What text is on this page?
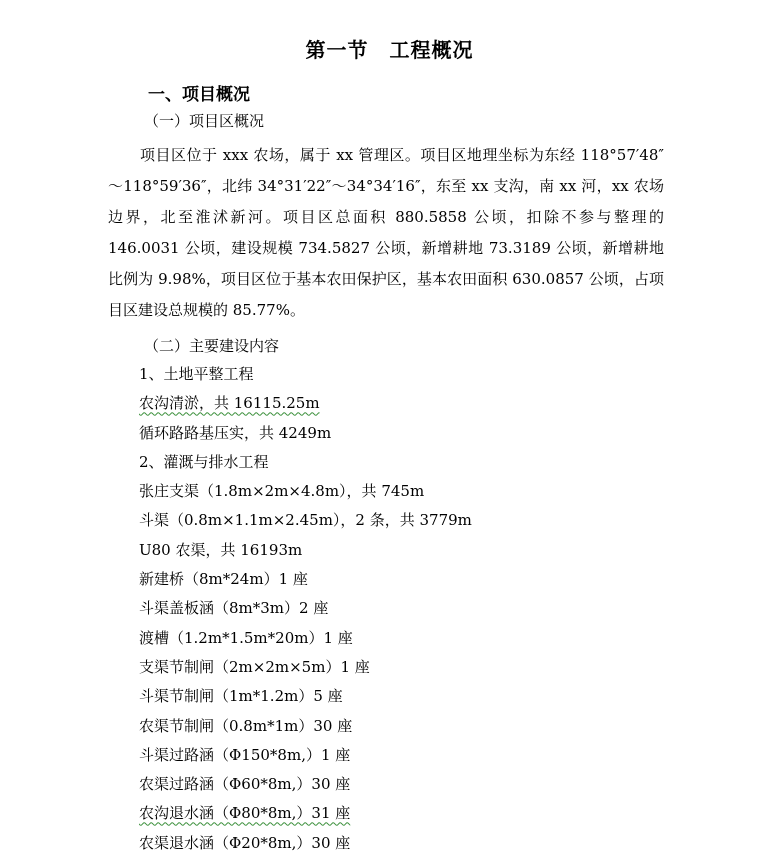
第一节　工程概况
一、项目概况
（一）项目区概况
项目区位于 xxx 农场，属于 xx 管理区。项目区地理坐标为东经 118°57′48″～118°59′36″，北纬 34°31′22″～34°34′16″，东至 xx 支沟，南 xx 河，xx 农场边界，北至淮沭新河。项目区总面积 880.5858 公顷，扣除不参与整理的 146.0031 公顷，建设规模 734.5827 公顷，新增耕地 73.3189 公顷，新增耕地比例为 9.98%，项目区位于基本农田保护区，基本农田面积 630.0857 公顷，占项目区建设总规模的 85.77%。
（二）主要建设内容
1、土地平整工程
农沟清淤，共 16115.25m
循环路路基压实，共 4249m
2、灌溉与排水工程
张庄支渠（1.8m×2m×4.8m），共 745m
斗渠（0.8m×1.1m×2.45m），2 条，共 3779m
U80 农渠，共 16193m
新建桥（8m*24m）1 座
斗渠盖板涵（8m*3m）2 座
渡槽（1.2m*1.5m*20m）1 座
支渠节制闸（2m×2m×5m）1 座
斗渠节制闸（1m*1.2m）5 座
农渠节制闸（0.8m*1m）30 座
斗渠过路涵（Φ150*8m,）1 座
农渠过路涵（Φ60*8m,）30 座
农沟退水涵（Φ80*8m,）31 座
农渠退水涵（Φ20*8m,）30 座
